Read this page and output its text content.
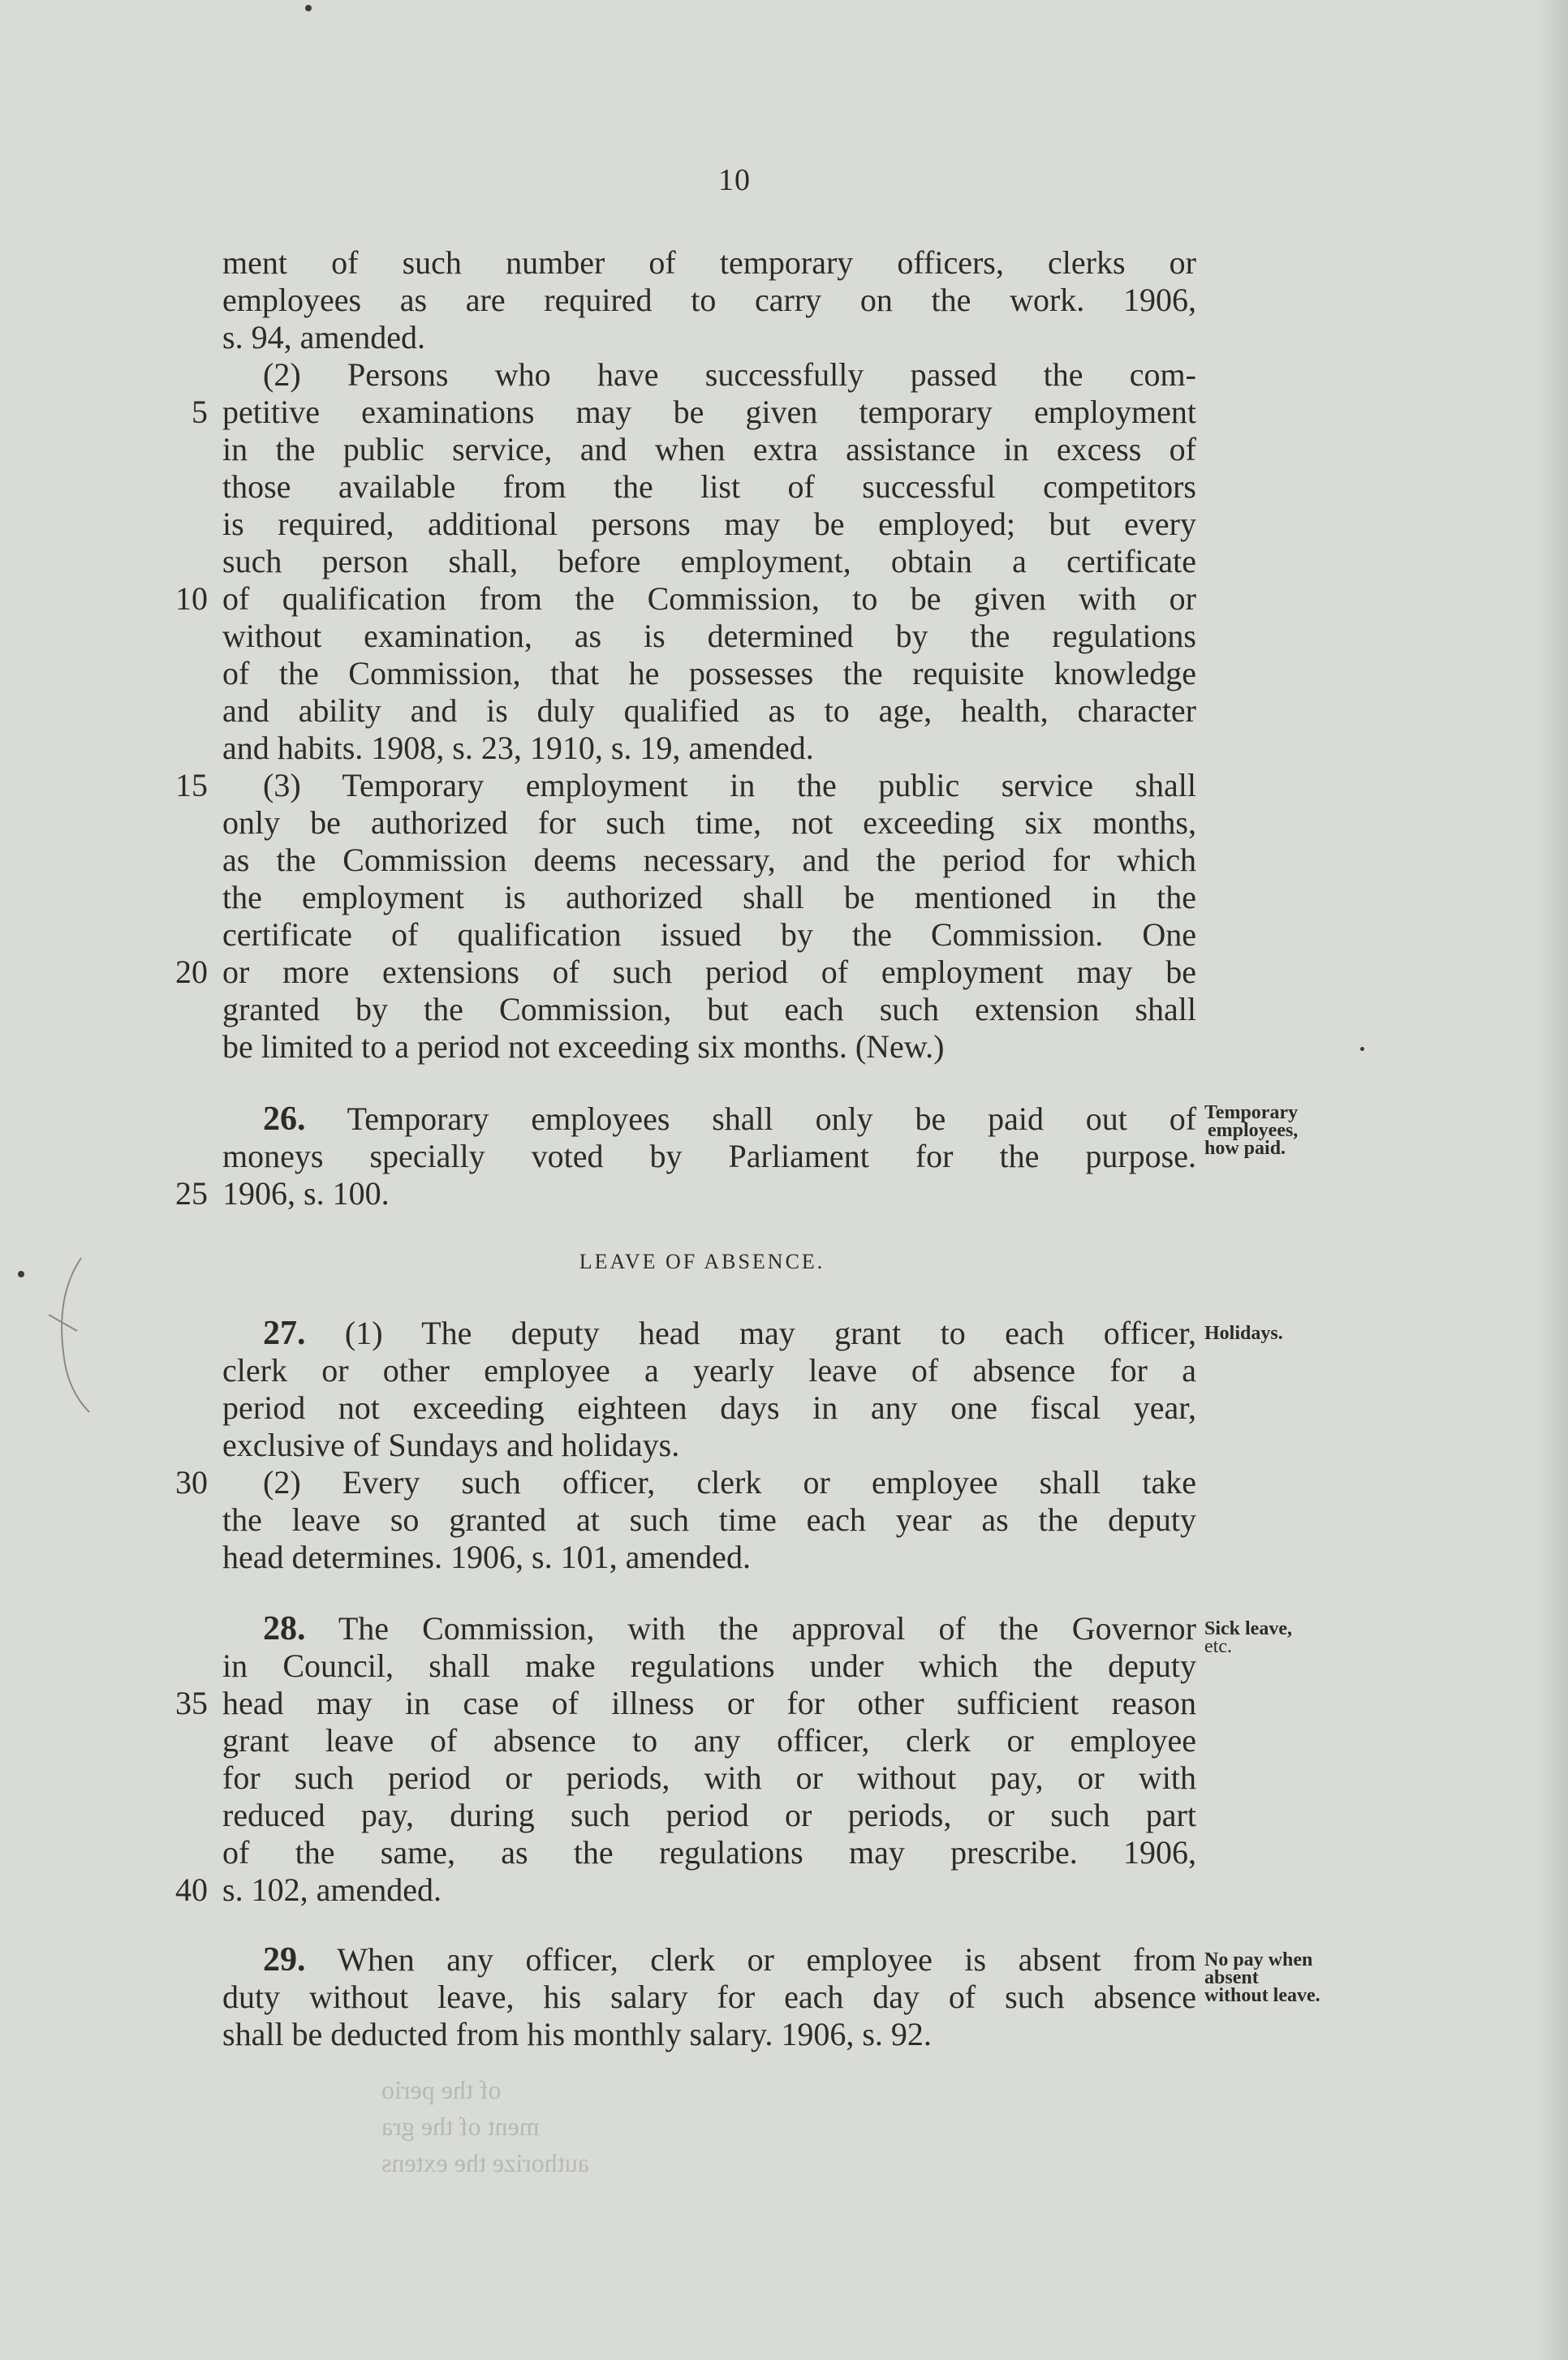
10
ment of such number of temporary officers, clerks or
employees as are required to carry on the work. 1906,
s. 94, amended.
(2) Persons who have successfully passed the com-
5 petitive examinations may be given temporary employment
in the public service, and when extra assistance in excess of
those available from the list of successful competitors
is required, additional persons may be employed; but every
such person shall, before employment, obtain a certificate
10 of qualification from the Commission, to be given with or
without examination, as is determined by the regulations
of the Commission, that he possesses the requisite knowledge
and ability and is duly qualified as to age, health, character
and habits. 1908, s. 23, 1910, s. 19, amended.
15 (3) Temporary employment in the public service shall
only be authorized for such time, not exceeding six months,
as the Commission deems necessary, and the period for which
the employment is authorized shall be mentioned in the
certificate of qualification issued by the Commission. One
20 or more extensions of such period of employment may be
granted by the Commission, but each such extension shall
be limited to a period not exceeding six months. (New.)
26. Temporary employees shall only be paid out of
moneys specially voted by Parliament for the purpose.
25 1906, s. 100.
27. (1) The deputy head may grant to each officer,
clerk or other employee a yearly leave of absence for a
period not exceeding eighteen days in any one fiscal year,
exclusive of Sundays and holidays.
30 (2) Every such officer, clerk or employee shall take
the leave so granted at such time each year as the deputy
head determines. 1906, s. 101, amended.
28. The Commission, with the approval of the Governor
in Council, shall make regulations under which the deputy
35 head may in case of illness or for other sufficient reason
grant leave of absence to any officer, clerk or employee
for such period or periods, with or without pay, or with
reduced pay, during such period or periods, or such part
of the same, as the regulations may prescribe. 1906,
40 s. 102, amended.
29. When any officer, clerk or employee is absent from
duty without leave, his salary for each day of such absence
shall be deducted from his monthly salary. 1906, s. 92.
LEAVE OF ABSENCE.
Temporary
employees,
how paid.
Holidays.
Sick leave,
etc.
No pay when
absent
without leave.
of the perio
ment of the gra
authorize the extens
